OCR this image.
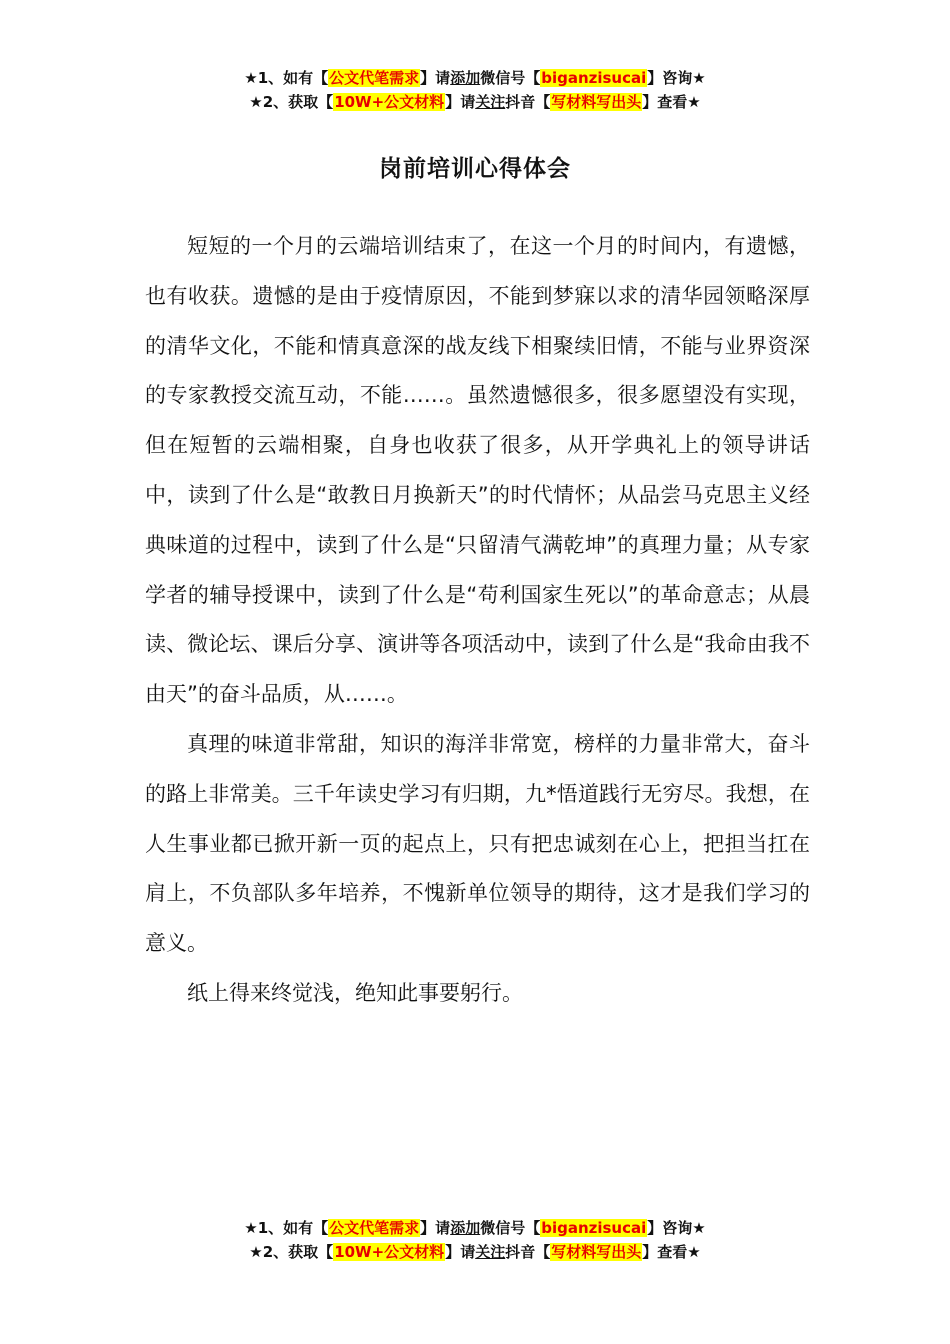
★1、如有【公文代笔需求】请添加微信号【biganzisucai】咨询★
★2、获取【10W+公文材料】请关注抖音【写材料写出头】查看★
岗前培训心得体会

短短的一个月的云端培训结束了，在这一个月的时间内，有遗憾，也有收获。遗憾的是由于疫情原因，不能到梦寐以求的清华园领略深厚的清华文化，不能和情真意深的战友线下相聚续旧情，不能与业界资深的专家教授交流互动，不能……。虽然遗憾很多，很多愿望没有实现，但在短暂的云端相聚，自身也收获了很多，从开学典礼上的领导讲话中，读到了什么是“敢教日月换新天”的时代情怀；从品尝马克思主义经典味道的过程中，读到了什么是“只留清气满乾坤”的真理力量；从专家学者的辅导授课中，读到了什么是“苟利国家生死以”的革命意志；从晨读、微论坛、课后分享、演讲等各项活动中，读到了什么是“我命由我不由天”的奋斗品质，从……。

真理的味道非常甜，知识的海洋非常宽，榜样的力量非常大，奋斗的路上非常美。三千年读史学习有归期，九*悟道践行无穷尽。我想，在人生事业都已掀开新一页的起点上，只有把忠诚刻在心上，把担当扛在肩上，不负部队多年培养，不愧新单位领导的期待，这才是我们学习的意义。

纸上得来终觉浅，绝知此事要躬行。

★1、如有【公文代笔需求】请添加微信号【biganzisucai】咨询★
★2、获取【10W+公文材料】请关注抖音【写材料写出头】查看★
